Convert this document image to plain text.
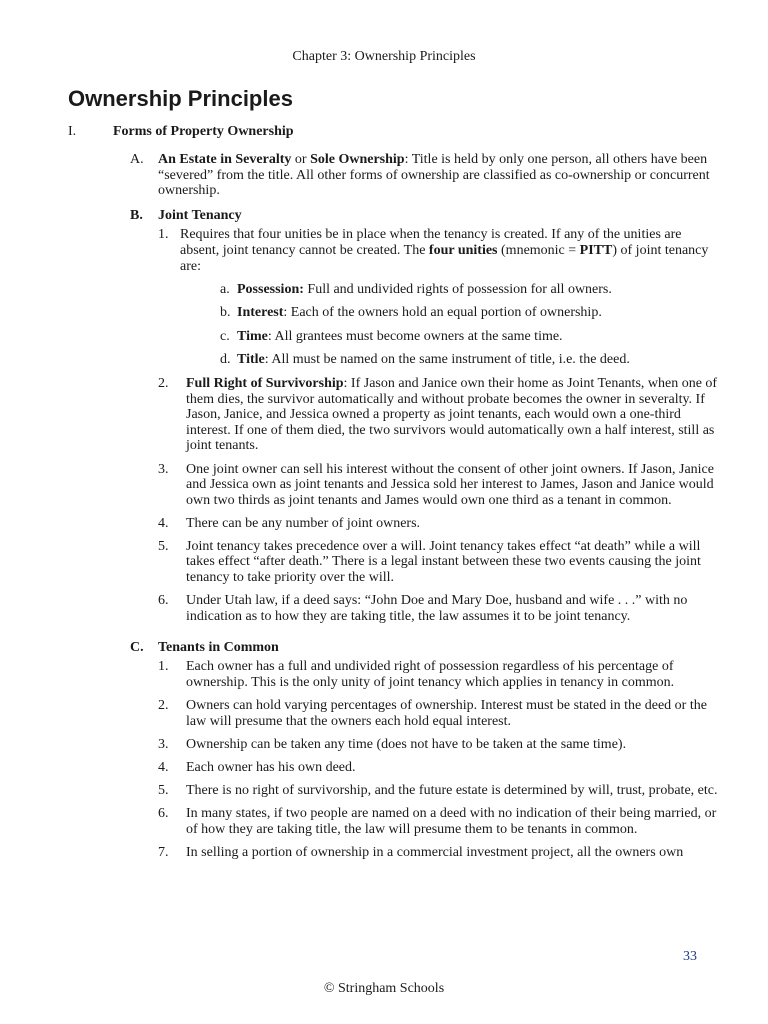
Chapter 3: Ownership Principles
Ownership Principles
I.	Forms of Property Ownership
A. An Estate in Severalty or Sole Ownership: Title is held by only one person, all others have been “severed” from the title. All other forms of ownership are classified as co-ownership or concurrent ownership.
B. Joint Tenancy
1. Requires that four unities be in place when the tenancy is created. If any of the unities are absent, joint tenancy cannot be created. The four unities (mnemonic = PITT) of joint tenancy are:
a. Possession: Full and undivided rights of possession for all owners.
b. Interest: Each of the owners hold an equal portion of ownership.
c. Time: All grantees must become owners at the same time.
d. Title: All must be named on the same instrument of title, i.e. the deed.
2. Full Right of Survivorship: If Jason and Janice own their home as Joint Tenants, when one of them dies, the survivor automatically and without probate becomes the owner in severalty. If Jason, Janice, and Jessica owned a property as joint tenants, each would own a one-third interest. If one of them died, the two survivors would automatically own a half interest, still as joint tenants.
3. One joint owner can sell his interest without the consent of other joint owners. If Jason, Janice and Jessica own as joint tenants and Jessica sold her interest to James, Jason and Janice would own two thirds as joint tenants and James would own one third as a tenant in common.
4. There can be any number of joint owners.
5. Joint tenancy takes precedence over a will. Joint tenancy takes effect “at death” while a will takes effect “after death.” There is a legal instant between these two events causing the joint tenancy to take priority over the will.
6. Under Utah law, if a deed says: “John Doe and Mary Doe, husband and wife . . .” with no indication as to how they are taking title, the law assumes it to be joint tenancy.
C. Tenants in Common
1. Each owner has a full and undivided right of possession regardless of his percentage of ownership. This is the only unity of joint tenancy which applies in tenancy in common.
2. Owners can hold varying percentages of ownership. Interest must be stated in the deed or the law will presume that the owners each hold equal interest.
3. Ownership can be taken any time (does not have to be taken at the same time).
4. Each owner has his own deed.
5. There is no right of survivorship, and the future estate is determined by will, trust, probate, etc.
6. In many states, if two people are named on a deed with no indication of their being married, or of how they are taking title, the law will presume them to be tenants in common.
7. In selling a portion of ownership in a commercial investment project, all the owners own
33
© Stringham Schools
